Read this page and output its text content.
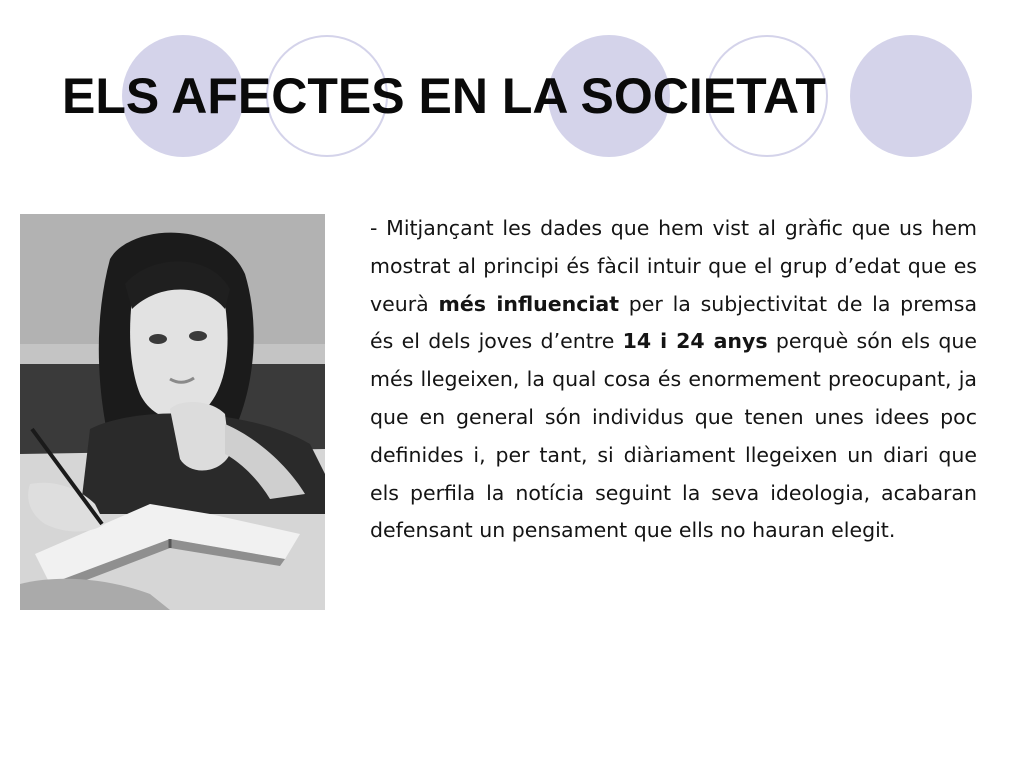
ELS AFECTES EN LA SOCIETAT

- Mitjançant les dades que hem vist al gràfic que us hem mostrat al principi és fàcil intuir que el grup d’edat que es veurà més influenciat per la subjectivitat de la premsa és el dels joves d’entre 14 i 24 anys perquè són els que més llegeixen, la qual cosa és enormement preocupant, ja que en general són individus que tenen unes idees poc definides i, per tant, si diàriament llegeixen un diari que els perfila la notícia seguint la seva ideologia, acabaran defensant un pensament que ells no hauran elegit.
